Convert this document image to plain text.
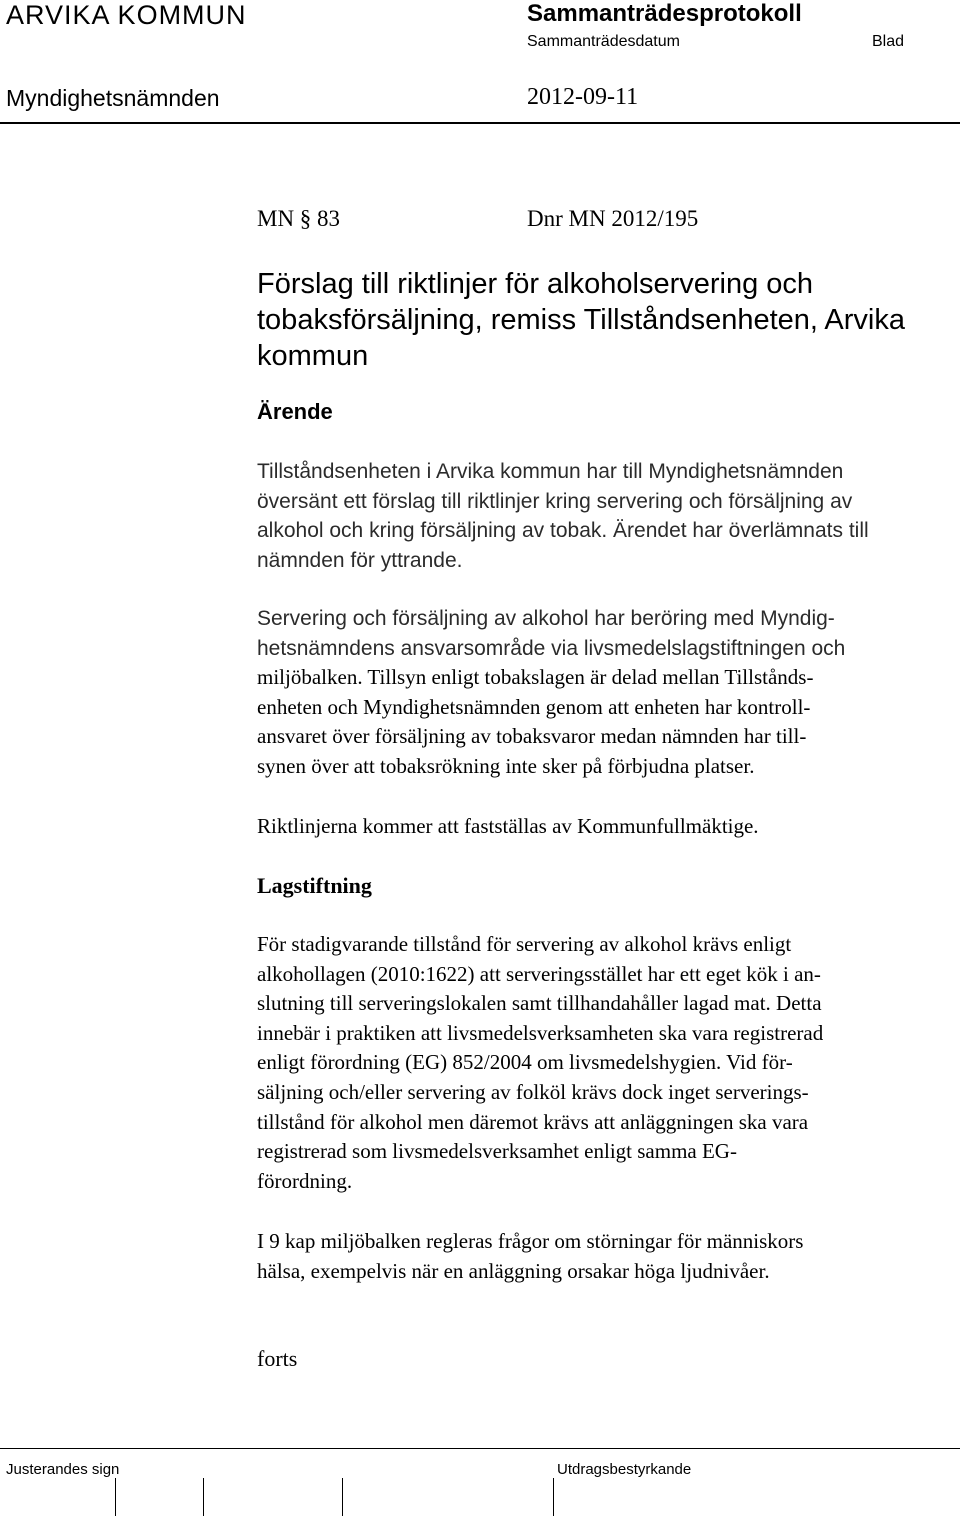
ARVIKA KOMMUN	Sammanträdesprotokoll
Sammanträdesdatum	Blad
Myndighetsnämnden	2012-09-11
MN § 83	Dnr MN 2012/195
Förslag till riktlinjer för alkoholservering och tobaksförsäljning, remiss Tillståndsenheten, Arvika kommun
Ärende
Tillståndsenheten i Arvika kommun har till Myndighetsnämnden
översänt ett förslag till riktlinjer kring servering och försäljning av
alkohol och kring försäljning av tobak. Ärendet har överlämnats till
nämnden för yttrande.
Servering och försäljning av alkohol har beröring med Myndig-
hetsnämndens ansvarsområde via livsmedelslagstiftningen och
miljöbalken. Tillsyn enligt tobakslagen är delad mellan Tillstånds-
enheten och Myndighetsnämnden genom att enheten har kontroll-
ansvaret över försäljning av tobaksvaror medan nämnden har till-
synen över att tobaksrökning inte sker på förbjudna platser.
Riktlinjerna kommer att fastställas av Kommunfullmäktige.
Lagstiftning
För stadigvarande tillstånd för servering av alkohol krävs enligt
alkohollagen (2010:1622) att serveringsstället har ett eget kök i an-
slutning till serveringslokalen samt tillhandahåller lagad mat. Detta
innebär i praktiken att livsmedelsverksamheten ska vara registrerad
enligt förordning (EG) 852/2004 om livsmedelshygien. Vid för-
säljning och/eller servering av folköl krävs dock inget serverings-
tillstånd för alkohol men däremot krävs att anläggningen ska vara
registrerad som livsmedelsverksamhet enligt samma EG-
förordning.
I 9 kap miljöbalken regleras frågor om störningar för människors
hälsa, exempelvis när en anläggning orsakar höga ljudnivåer.
forts
Justerandes sign	Utdragsbestyrkande
